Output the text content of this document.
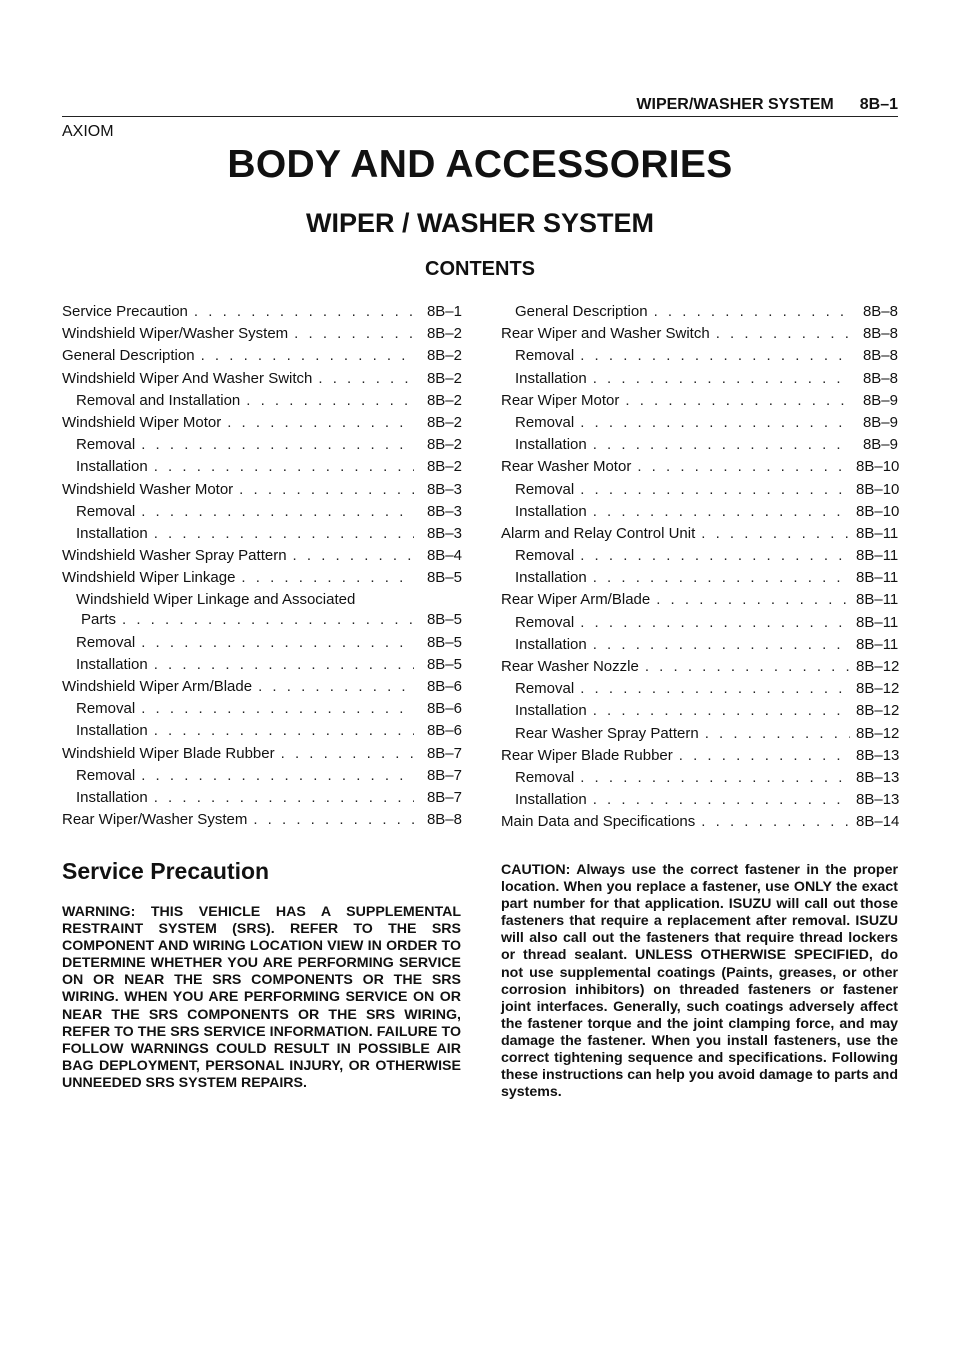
WIPER/WASHER SYSTEM 8B–1
AXIOM
BODY AND ACCESSORIES
WIPER / WASHER SYSTEM
CONTENTS
Service Precaution . . .	8B–1
Windshield Wiper/Washer System . . .	8B–2
General Description . . .	8B–2
Windshield Wiper And Washer Switch . . .	8B–2
Removal and Installation . . .	8B–2
Windshield Wiper Motor . . .	8B–2
Removal . . .	8B–2
Installation . . .	8B–2
Windshield Washer Motor . . .	8B–3
Removal . . .	8B–3
Installation . . .	8B–3
Windshield Washer Spray Pattern . . .	8B–4
Windshield Wiper Linkage . . .	8B–5
Windshield Wiper Linkage and Associated
Parts . . .	8B–5
Removal . . .	8B–5
Installation . . .	8B–5
Windshield Wiper Arm/Blade . . .	8B–6
Removal . . .	8B–6
Installation . . .	8B–6
Windshield Wiper Blade Rubber . . .	8B–7
Removal . . .	8B–7
Installation . . .	8B–7
Rear Wiper/Washer System . . .	8B–8
General Description . . .	8B–8
Rear Wiper and Washer Switch . . .	8B–8
Removal . . .	8B–8
Installation . . .	8B–8
Rear Wiper Motor . . .	8B–9
Removal . . .	8B–9
Installation . . .	8B–9
Rear Washer Motor . . .	8B–10
Removal . . .	8B–10
Installation . . .	8B–10
Alarm and Relay Control Unit . . .	8B–11
Removal . . .	8B–11
Installation . . .	8B–11
Rear Wiper Arm/Blade . . .	8B–11
Removal . . .	8B–11
Installation . . .	8B–11
Rear Washer Nozzle . . .	8B–12
Removal . . .	8B–12
Installation . . .	8B–12
Rear Washer Spray Pattern . . .	8B–12
Rear Wiper Blade Rubber . . .	8B–13
Removal . . .	8B–13
Installation . . .	8B–13
Main Data and Specifications . . .	8B–14
Service Precaution
WARNING: THIS VEHICLE HAS A SUPPLEMENTAL RESTRAINT SYSTEM (SRS). REFER TO THE SRS COMPONENT AND WIRING LOCATION VIEW IN ORDER TO DETERMINE WHETHER YOU ARE PERFORMING SERVICE ON OR NEAR THE SRS COMPONENTS OR THE SRS WIRING. WHEN YOU ARE PERFORMING SERVICE ON OR NEAR THE SRS COMPONENTS OR THE SRS WIRING, REFER TO THE SRS SERVICE INFORMATION. FAILURE TO FOLLOW WARNINGS COULD RESULT IN POSSIBLE AIR BAG DEPLOYMENT, PERSONAL INJURY, OR OTHERWISE UNNEEDED SRS SYSTEM REPAIRS.
CAUTION: Always use the correct fastener in the proper location. When you replace a fastener, use ONLY the exact part number for that application. ISUZU will call out those fasteners that require a replacement after removal. ISUZU will also call out the fasteners that require thread lockers or thread sealant. UNLESS OTHERWISE SPECIFIED, do not use supplemental coatings (Paints, greases, or other corrosion inhibitors) on threaded fasteners or fastener joint interfaces. Generally, such coatings adversely affect the fastener torque and the joint clamping force, and may damage the fastener. When you install fasteners, use the correct tightening sequence and specifications. Following these instructions can help you avoid damage to parts and systems.
